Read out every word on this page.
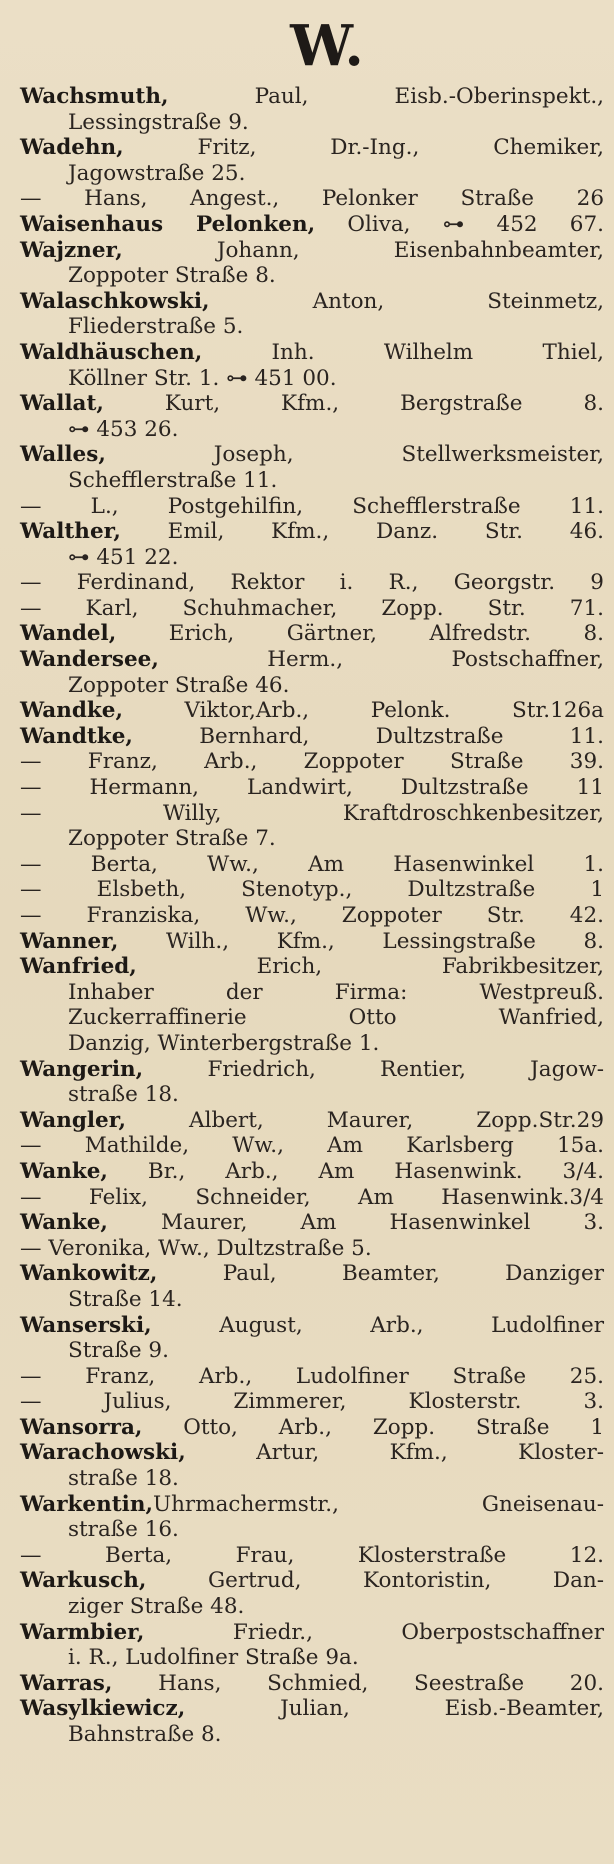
W.
Wachsmuth, Paul, Eisb.-Oberinspekt.,
Lessingstraße 9.
Wadehn, Fritz, Dr.-Ing., Chemiker,
Jagowstraße 25.
— Hans, Angest., Pelonker Straße 26
Waisenhaus Pelonken, Oliva, ⊶ 452 67.
Wajzner, Johann, Eisenbahnbeamter,
Zoppoter Straße 8.
Walaschkowski, Anton, Steinmetz,
Fliederstraße 5.
Waldhäuschen, Inh. Wilhelm Thiel,
Köllner Str. 1. ⊶ 451 00.
Wallat, Kurt, Kfm., Bergstraße 8.
⊶ 453 26.
Walles, Joseph, Stellwerksmeister,
Schefflerstraße 11.
— L., Postgehilfin, Schefflerstraße 11.
Walther, Emil, Kfm., Danz. Str. 46.
⊶ 451 22.
— Ferdinand, Rektor i. R., Georgstr. 9
— Karl, Schuhmacher, Zopp. Str. 71.
Wandel, Erich, Gärtner, Alfredstr. 8.
Wandersee, Herm., Postschaffner,
Zoppoter Straße 46.
Wandke, Viktor,Arb., Pelonk. Str.126a
Wandtke, Bernhard, Dultzstraße 11.
— Franz, Arb., Zoppoter Straße 39.
— Hermann, Landwirt, Dultzstraße 11
— Willy, Kraftdroschkenbesitzer,
Zoppoter Straße 7.
— Berta, Ww., Am Hasenwinkel 1.
— Elsbeth, Stenotyp., Dultzstraße 1
— Franziska, Ww., Zoppoter Str. 42.
Wanner, Wilh., Kfm., Lessingstraße 8.
Wanfried, Erich, Fabrikbesitzer,
Inhaber der Firma: Westpreuß.
Zuckerraffinerie Otto Wanfried,
Danzig, Winterbergstraße 1.
Wangerin, Friedrich, Rentier, Jagow-
straße 18.
Wangler, Albert, Maurer, Zopp.Str.29
— Mathilde, Ww., Am Karlsberg 15a.
Wanke, Br., Arb., Am Hasenwink. 3/4.
— Felix, Schneider, Am Hasenwink.3/4
Wanke, Maurer, Am Hasenwinkel 3.
— Veronika, Ww., Dultzstraße 5.
Wankowitz, Paul, Beamter, Danziger
Straße 14.
Wanserski, August, Arb., Ludolfiner
Straße 9.
— Franz, Arb., Ludolfiner Straße 25.
— Julius, Zimmerer, Klosterstr. 3.
Wansorra, Otto, Arb., Zopp. Straße 1
Warachowski, Artur, Kfm., Kloster-
straße 18.
Warkentin,Uhrmachermstr., Gneisenau-
straße 16.
— Berta, Frau, Klosterstraße 12.
Warkusch, Gertrud, Kontoristin, Dan-
ziger Straße 48.
Warmbier, Friedr., Oberpostschaffner
i. R., Ludolfiner Straße 9a.
Warras, Hans, Schmied, Seestraße 20.
Wasylkiewicz, Julian, Eisb.-Beamter,
Bahnstraße 8.
